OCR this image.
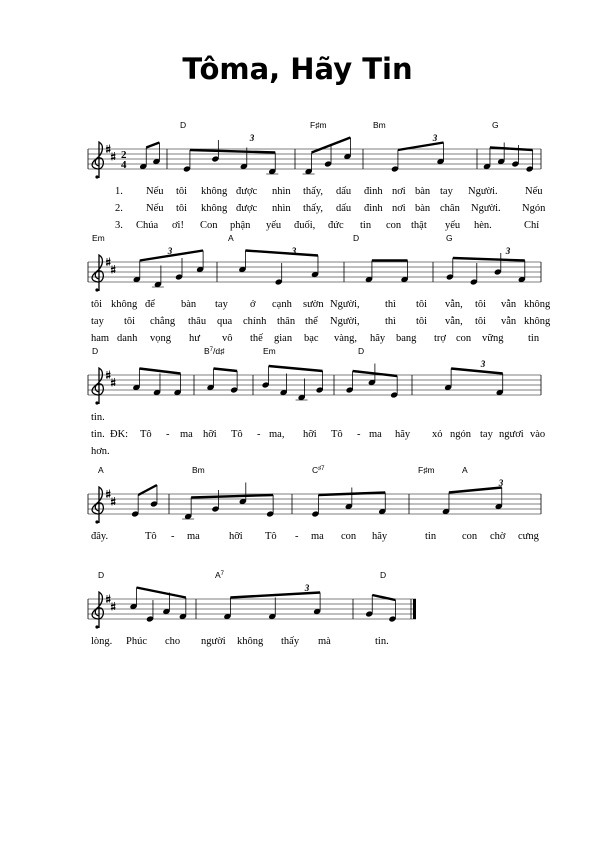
Tôma, Hãy Tin
2
4
D	F♯m	Bm	G
3	3
1. Nếu tôi không được nhìn thấy, dấu đinh nơi bàn tay Người.	Nếu
2. Nếu tôi không được nhìn thấy, dấu đinh nơi bàn chân Người. Ngón
3. Chúa ơi! Con phận yếu đuối, đức tin con thật yếu hèn.	Chỉ
Em	A	D	G
3	3	3
tôi không để bàn tay ở cạnh sườn Người, thì tôi vẫn, tôi vẫn không
tay tôi chẳng thâu qua chính thân thể Người, thì tôi vẫn, tôi vẫn không
ham danh vọng hư vô thế gian bạc vàng, hãy bang trợ con vững tin
D	$B^7/d♯$	Em	D
3
tin.
tin. ĐK: Tô - ma hỡi Tô - ma, hỡi Tô - ma hãy xỏ ngón tay ngươi vào
hơn.
A	Bm	$C^{♯7}$	F♯m	A
3
đây.	Tô - ma	hỡi Tô - ma con hãy	tin con chờ cưng
D	$A^7$	D
3
lòng. Phúc cho người không thấy mà	tin.
